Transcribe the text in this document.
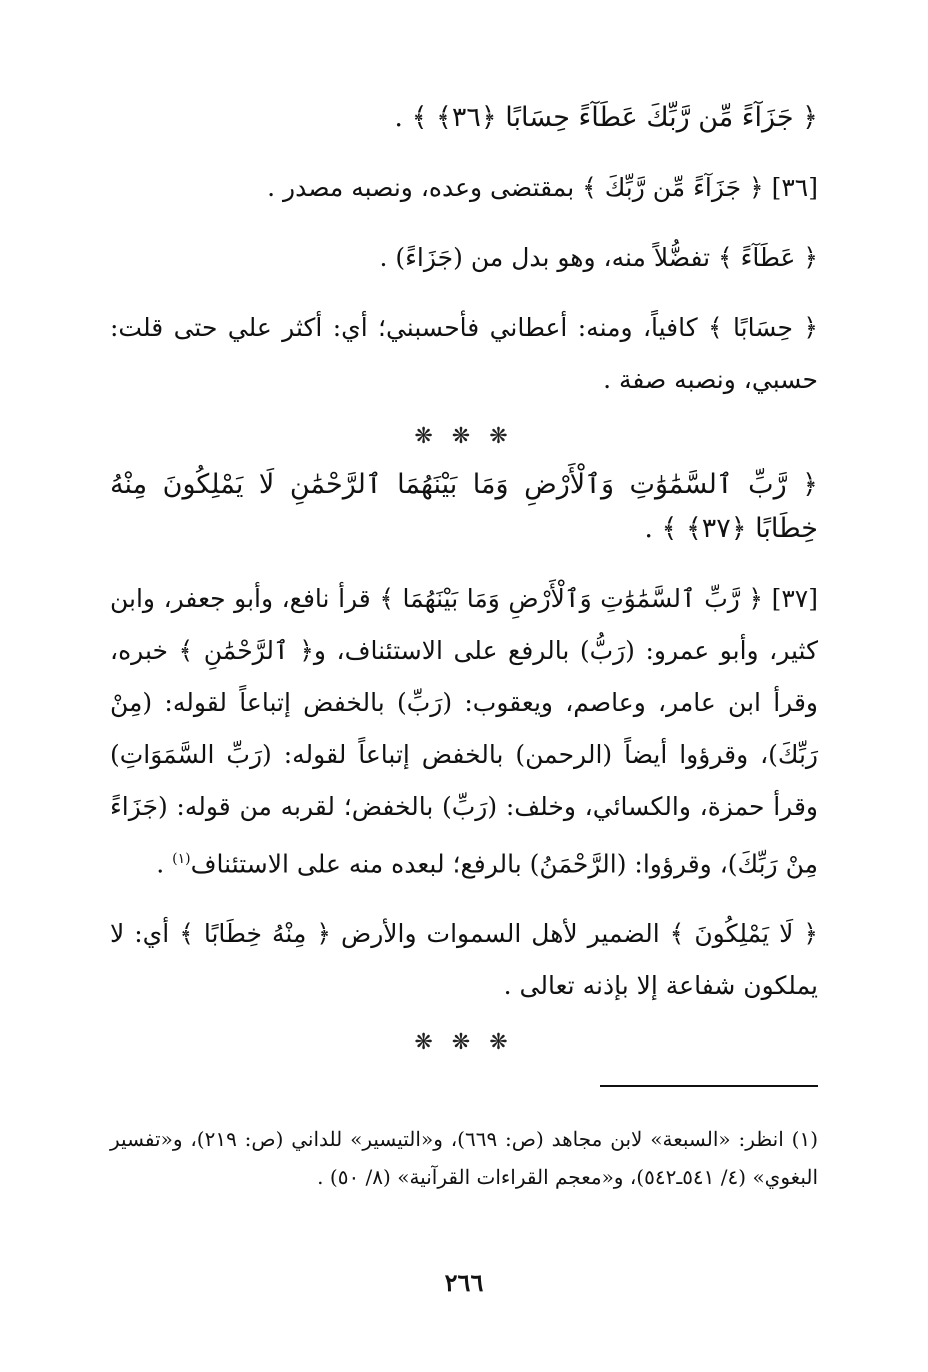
﴿ جَزَآءً مِّن رَّبِّكَ عَطَآءً حِسَابًا ﴿٣٦﴾ ﴾ .

[٣٦] ﴿ جَزَآءً مِّن رَّبِّكَ ﴾ بمقتضى وعده، ونصبه مصدر .

﴿ عَطَآءً ﴾ تفضُّلاً منه، وهو بدل من (جَزَاءً) .

﴿ حِسَابًا ﴾ كافياً، ومنه: أعطاني فأحسبني؛ أي: أكثر علي حتى قلت: حسبي، ونصبه صفة .

❋ ❋ ❋

﴿ رَّبِّ ٱلسَّمَٰوَٰتِ وَٱلْأَرْضِ وَمَا بَيْنَهُمَا ٱلرَّحْمَٰنِ لَا يَمْلِكُونَ مِنْهُ خِطَابًا ﴿٣٧﴾ ﴾ .

[٣٧] ﴿ رَّبِّ ٱلسَّمَٰوَٰتِ وَٱلْأَرْضِ وَمَا بَيْنَهُمَا ﴾ قرأ نافع، وأبو جعفر، وابن كثير، وأبو عمرو: (رَبُّ) بالرفع على الاستئناف، و﴿ ٱلرَّحْمَٰنِ ﴾ خبره، وقرأ ابن عامر، وعاصم، ويعقوب: (رَبِّ) بالخفض إتباعاً لقوله: (مِنْ رَبِّكَ)، وقرؤوا أيضاً (الرحمن) بالخفض إتباعاً لقوله: (رَبِّ السَّمَوَاتِ) وقرأ حمزة، والكسائي، وخلف: (رَبِّ) بالخفض؛ لقربه من قوله: (جَزَاءً مِنْ رَبِّكَ)، وقرؤوا: (الرَّحْمَنُ) بالرفع؛ لبعده منه على الاستئناف$^{(١)}$ .

﴿ لَا يَمْلِكُونَ ﴾ الضمير لأهل السموات والأرض ﴿ مِنْهُ خِطَابًا ﴾ أي: لا يملكون شفاعة إلا بإذنه تعالى .

❋ ❋ ❋
(١) انظر: «السبعة» لابن مجاهد (ص: ٦٦٩)، و«التيسير» للداني (ص: ٢١٩)، و«تفسير البغوي» (٤/ ٥٤١ـ٥٤٢)، و«معجم القراءات القرآنية» (٨/ ٥٠) .
٢٦٦
